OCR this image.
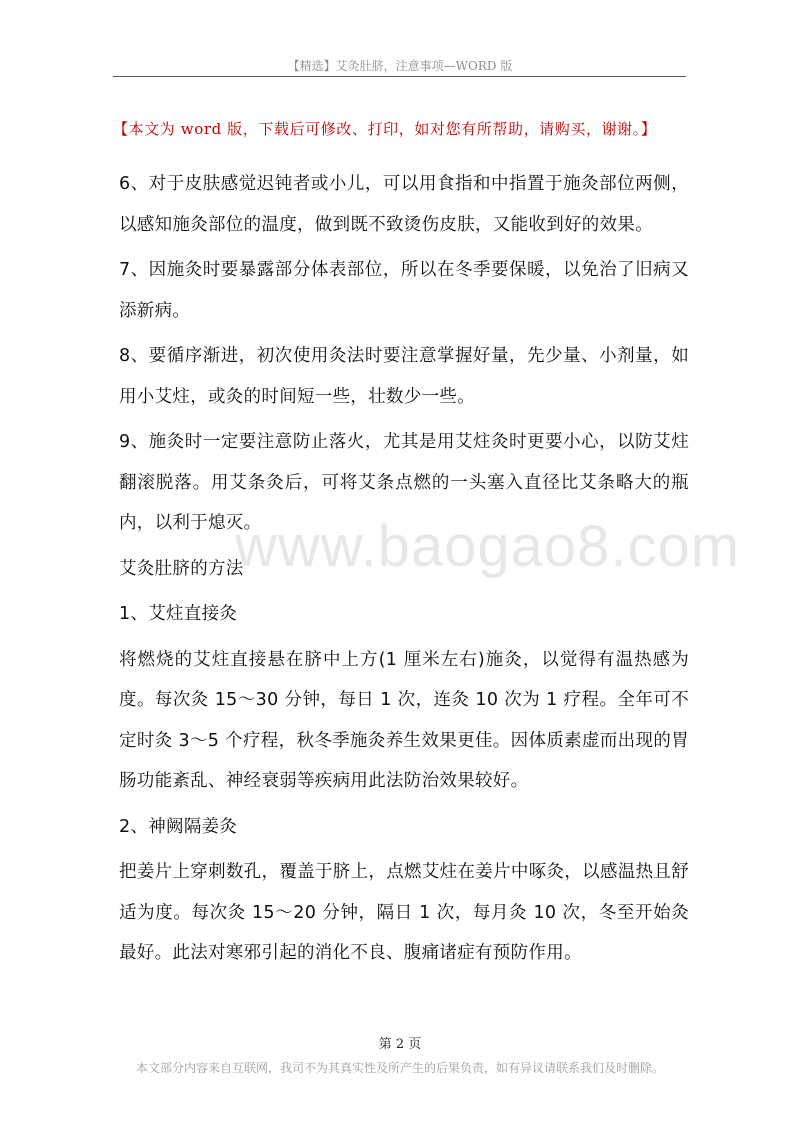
【精选】艾灸肚脐，注意事项—WORD 版
【本文为 word 版，下载后可修改、打印，如对您有所帮助，请购买，谢谢。】

6、对于皮肤感觉迟钝者或小儿，可以用食指和中指置于施灸部位两侧，以感知施灸部位的温度，做到既不致烫伤皮肤，又能收到好的效果。

7、因施灸时要暴露部分体表部位，所以在冬季要保暖，以免治了旧病又添新病。

8、要循序渐进，初次使用灸法时要注意掌握好量，先少量、小剂量，如用小艾炷，或灸的时间短一些，壮数少一些。

9、施灸时一定要注意防止落火，尤其是用艾炷灸时更要小心，以防艾炷翻滚脱落。用艾条灸后，可将艾条点燃的一头塞入直径比艾条略大的瓶内，以利于熄灭。

艾灸肚脐的方法

1、艾炷直接灸

将燃烧的艾炷直接悬在脐中上方(1 厘米左右)施灸，以觉得有温热感为度。每次灸 15～30 分钟，每日 1 次，连灸 10 次为 1 疗程。全年可不定时灸 3～5 个疗程，秋冬季施灸养生效果更佳。因体质素虚而出现的胃肠功能紊乱、神经衰弱等疾病用此法防治效果较好。

2、神阙隔姜灸

把姜片上穿刺数孔，覆盖于脐上，点燃艾炷在姜片中啄灸，以感温热且舒适为度。每次灸 15～20 分钟，隔日 1 次，每月灸 10 次，冬至开始灸最好。此法对寒邪引起的消化不良、腹痛诸症有预防作用。

www.baogao8.com
第 2 页
本文部分内容来自互联网，我司不为其真实性及所产生的后果负责，如有异议请联系我们及时删除。
